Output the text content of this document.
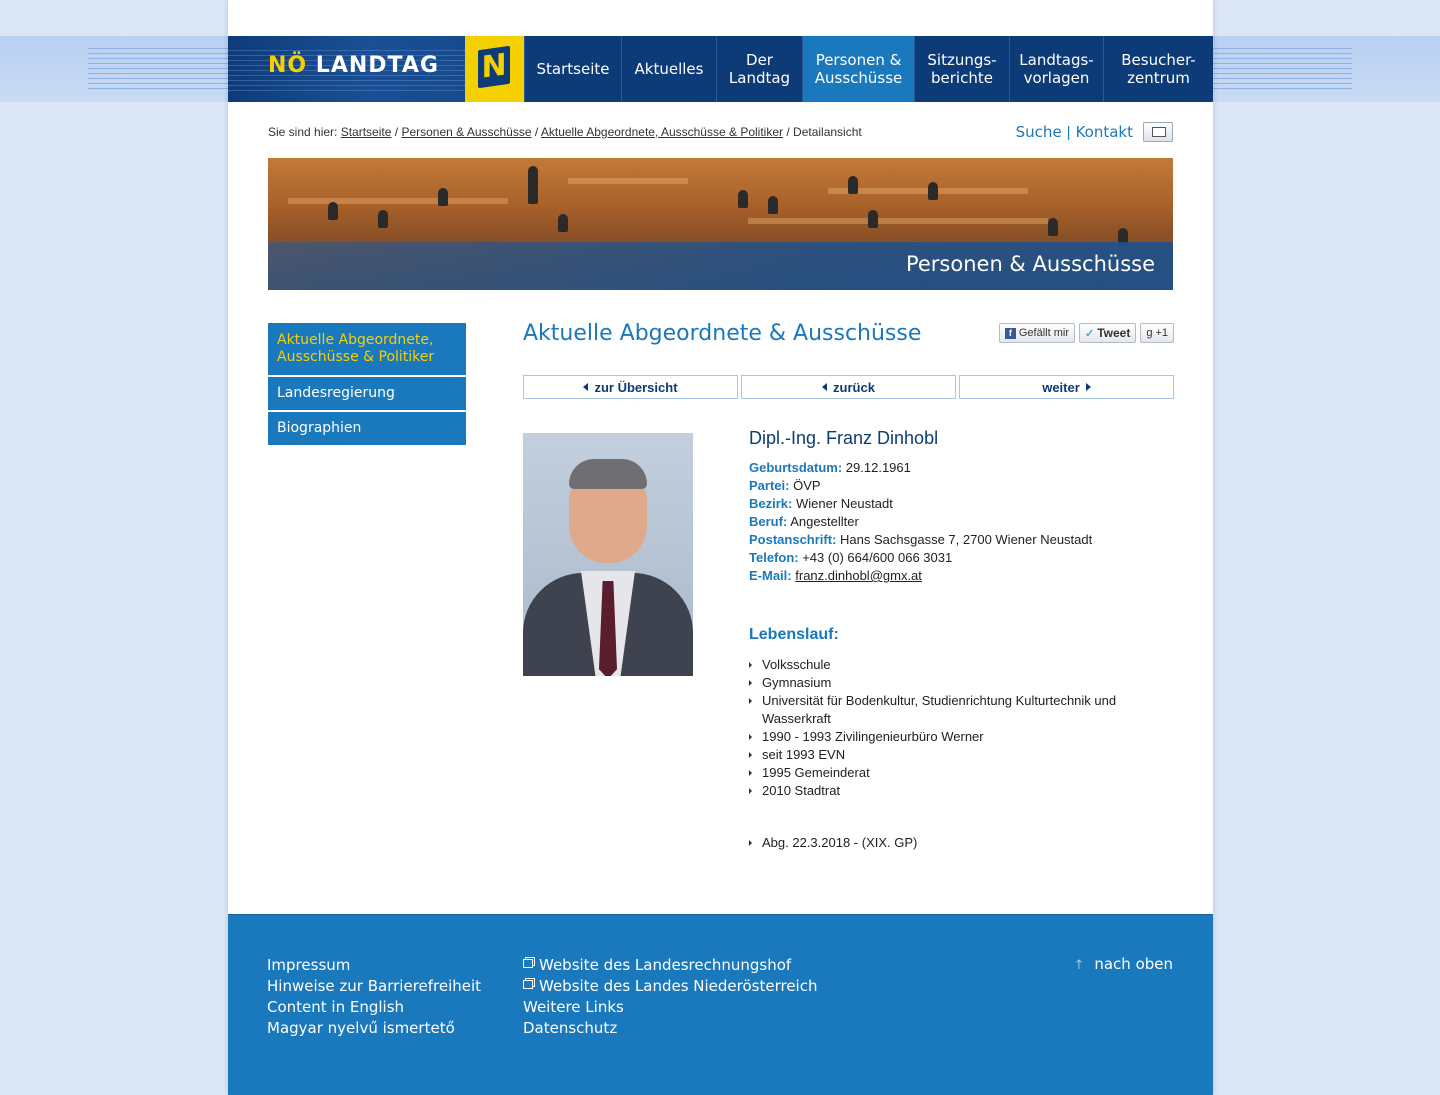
NÖ LANDTAG N	Startseite	Aktuelles	Der
Landtag
Personen &
Ausschüsse
Sitzungs-
berichte
Landtags-
vorlagen
Besucher-
zentrum
Sie sind hier: Startseite / Personen & Ausschüsse / Aktuelle Abgeordnete, Ausschüsse & Politiker / Detailansicht	Suche | Kontakt
Personen & Ausschüsse
Aktuelle Abgeordnete, Ausschüsse & Politiker
Landesregierung
Biographien
Aktuelle Abgeordnete & Ausschüsse	f Gefällt mir ✓ Tweet g +1
zur Übersicht	zurück	weiter
Dipl.-Ing. Franz Dinhobl
Geburtsdatum: 29.12.1961
Partei: ÖVP
Bezirk: Wiener Neustadt
Beruf: Angestellter
Postanschrift: Hans Sachsgasse 7, 2700 Wiener Neustadt
Telefon: +43 (0) 664/600 066 3031
E-Mail: franz.dinhobl@gmx.at
Lebenslauf:
Volksschule
Gymnasium
Universität für Bodenkultur, Studienrichtung Kulturtechnik und Wasserkraft
1990 - 1993 Zivilingenieurbüro Werner
seit 1993 EVN
1995 Gemeinderat
2010 Stadtrat
Abg. 22.3.2018 - (XIX. GP)
Impressum
Hinweise zur Barrierefreiheit
Content in English
Magyar nyelvű ismertető
Website des Landesrechnungshof
Website des Landes Niederösterreich
Weitere Links
Datenschutz
↑ nach oben
